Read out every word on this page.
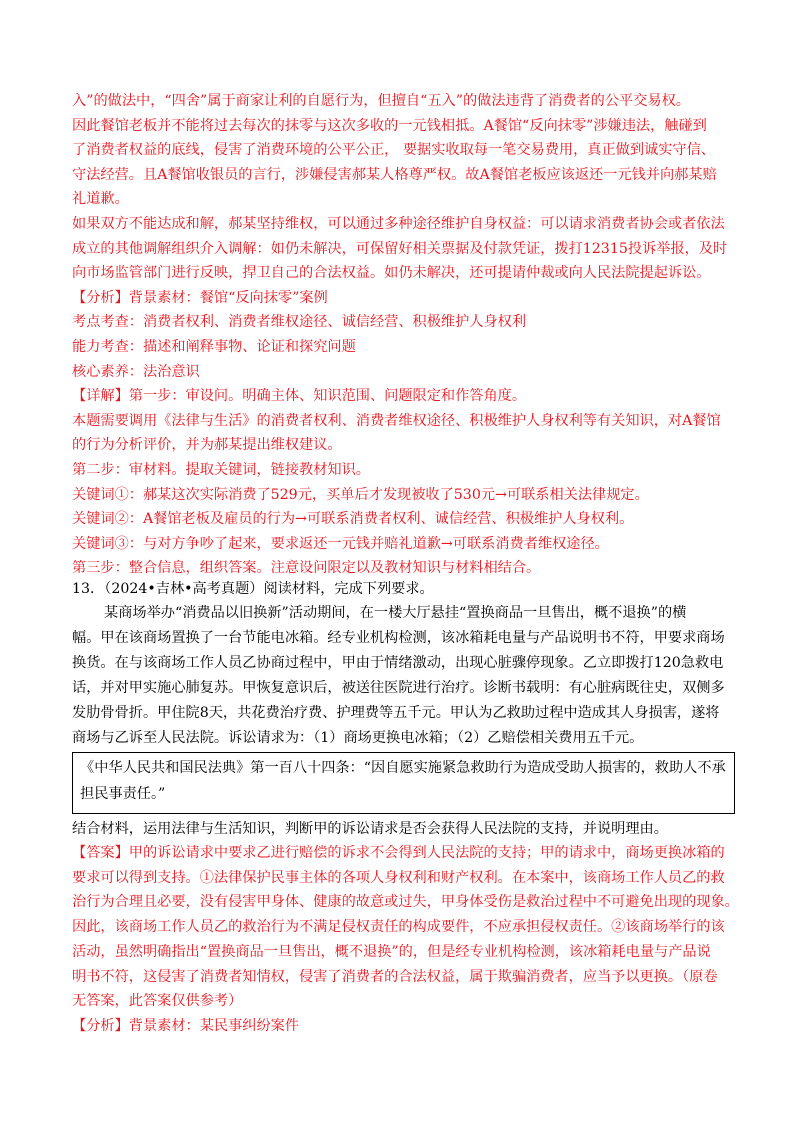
入”的做法中，“四舍”属于商家让利的自愿行为，但擅自“五入”的做法违背了消费者的公平交易权。
因此餐馆老板并不能将过去每次的抹零与这次多收的一元钱相抵。A餐馆“反向抹零”涉嫌违法，触碰到
了消费者权益的底线，侵害了消费环境的公平公正， 要据实收取每一笔交易费用，真正做到诚实守信、
守法经营。且A餐馆收银员的言行，涉嫌侵害郝某人格尊严权。故A餐馆老板应该返还一元钱并向郝某赔
礼道歉。
如果双方不能达成和解，郝某坚持维权，可以通过多种途径维护自身权益：可以请求消费者协会或者依法
成立的其他调解组织介入调解：如仍未解决，可保留好相关票据及付款凭证，拨打12315投诉举报，及时
向市场监管部门进行反映，捍卫自己的合法权益。如仍未解决，还可提请仲裁或向人民法院提起诉讼。
【分析】背景素材：餐馆“反向抹零”案例
考点考查：消费者权利、消费者维权途径、诚信经营、积极维护人身权利
能力考查：描述和阐释事物、论证和探究问题
核心素养：法治意识
【详解】第一步：审设问。明确主体、知识范围、问题限定和作答角度。
本题需要调用《法律与生活》的消费者权利、消费者维权途径、积极维护人身权利等有关知识，对A餐馆
的行为分析评价，并为郝某提出维权建议。
第二步：审材料。提取关键词，链接教材知识。
关键词①：郝某这次实际消费了529元，买单后才发现被收了530元→可联系相关法律规定。
关键词②：A餐馆老板及雇员的行为→可联系消费者权利、诚信经营、积极维护人身权利。
关键词③：与对方争吵了起来，要求返还一元钱并赔礼道歉→可联系消费者维权途径。
第三步：整合信息，组织答案。注意设问限定以及教材知识与材料相结合。
13．（2024•吉林•高考真题）阅读材料，完成下列要求。
某商场举办“消费品以旧换新”活动期间，在一楼大厅悬挂“置换商品一旦售出，概不退换”的横
幅。甲在该商场置换了一台节能电冰箱。经专业机构检测，该冰箱耗电量与产品说明书不符，甲要求商场
换货。在与该商场工作人员乙协商过程中，甲由于情绪激动，出现心脏骤停现象。乙立即拨打120急救电
话，并对甲实施心肺复苏。甲恢复意识后，被送往医院进行治疗。诊断书载明：有心脏病既往史，双侧多
发肋骨骨折。甲住院8天，共花费治疗费、护理费等五千元。甲认为乙救助过程中造成其人身损害，遂将
商场与乙诉至人民法院。诉讼请求为：（1）商场更换电冰箱；（2）乙赔偿相关费用五千元。
《中华人民共和国民法典》第一百八十四条：“因自愿实施紧急救助行为造成受助人损害的，救助人不承
担民事责任。”
结合材料，运用法律与生活知识，判断甲的诉讼请求是否会获得人民法院的支持，并说明理由。
【答案】甲的诉讼请求中要求乙进行赔偿的诉求不会得到人民法院的支持；甲的请求中，商场更换冰箱的
要求可以得到支持。①法律保护民事主体的各项人身权利和财产权利。在本案中，该商场工作人员乙的救
治行为合理且必要，没有侵害甲身体、健康的故意或过失，甲身体受伤是救治过程中不可避免出现的现象。
因此，该商场工作人员乙的救治行为不满足侵权责任的构成要件，不应承担侵权责任。②该商场举行的该
活动，虽然明确指出“置换商品一旦售出，概不退换”的，但是经专业机构检测，该冰箱耗电量与产品说
明书不符，这侵害了消费者知情权，侵害了消费者的合法权益，属于欺骗消费者，应当予以更换。（原卷
无答案，此答案仅供参考）
【分析】背景素材：某民事纠纷案件
